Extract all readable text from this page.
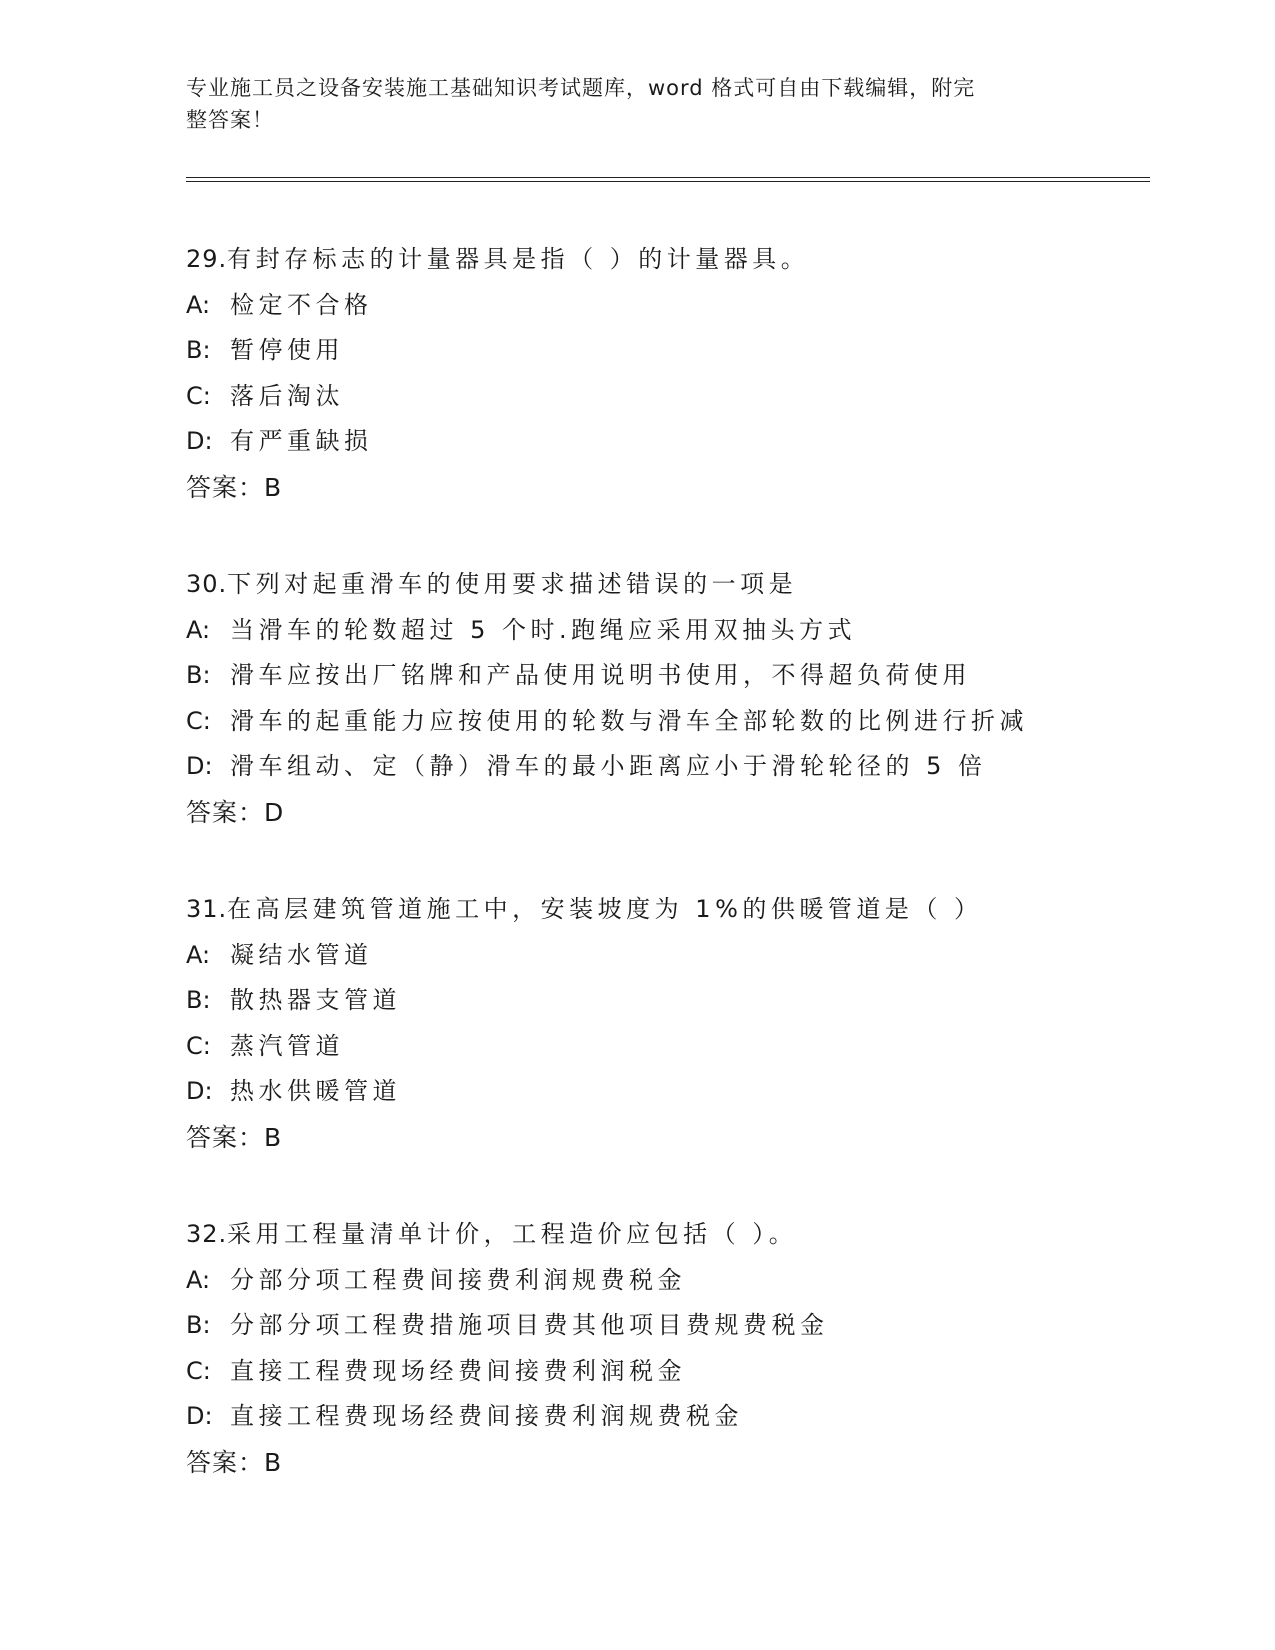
专业施工员之设备安装施工基础知识考试题库，word 格式可自由下载编辑，附完
整答案！

29.有封存标志的计量器具是指（ ）的计量器具。

A: 检定不合格

B: 暂停使用

C: 落后淘汰

D: 有严重缺损

答案：B

30.下列对起重滑车的使用要求描述错误的一项是

A: 当滑车的轮数超过 5 个时.跑绳应采用双抽头方式

B: 滑车应按出厂铭牌和产品使用说明书使用，不得超负荷使用

C: 滑车的起重能力应按使用的轮数与滑车全部轮数的比例进行折减

D: 滑车组动、定（静）滑车的最小距离应小于滑轮轮径的 5 倍

答案：D

31.在高层建筑管道施工中，安装坡度为 1%的供暖管道是（ ）

A: 凝结水管道

B: 散热器支管道

C: 蒸汽管道

D: 热水供暖管道

答案：B

32.采用工程量清单计价，工程造价应包括（ ）。

A: 分部分项工程费间接费利润规费税金

B: 分部分项工程费措施项目费其他项目费规费税金

C: 直接工程费现场经费间接费利润税金

D: 直接工程费现场经费间接费利润规费税金

答案：B
